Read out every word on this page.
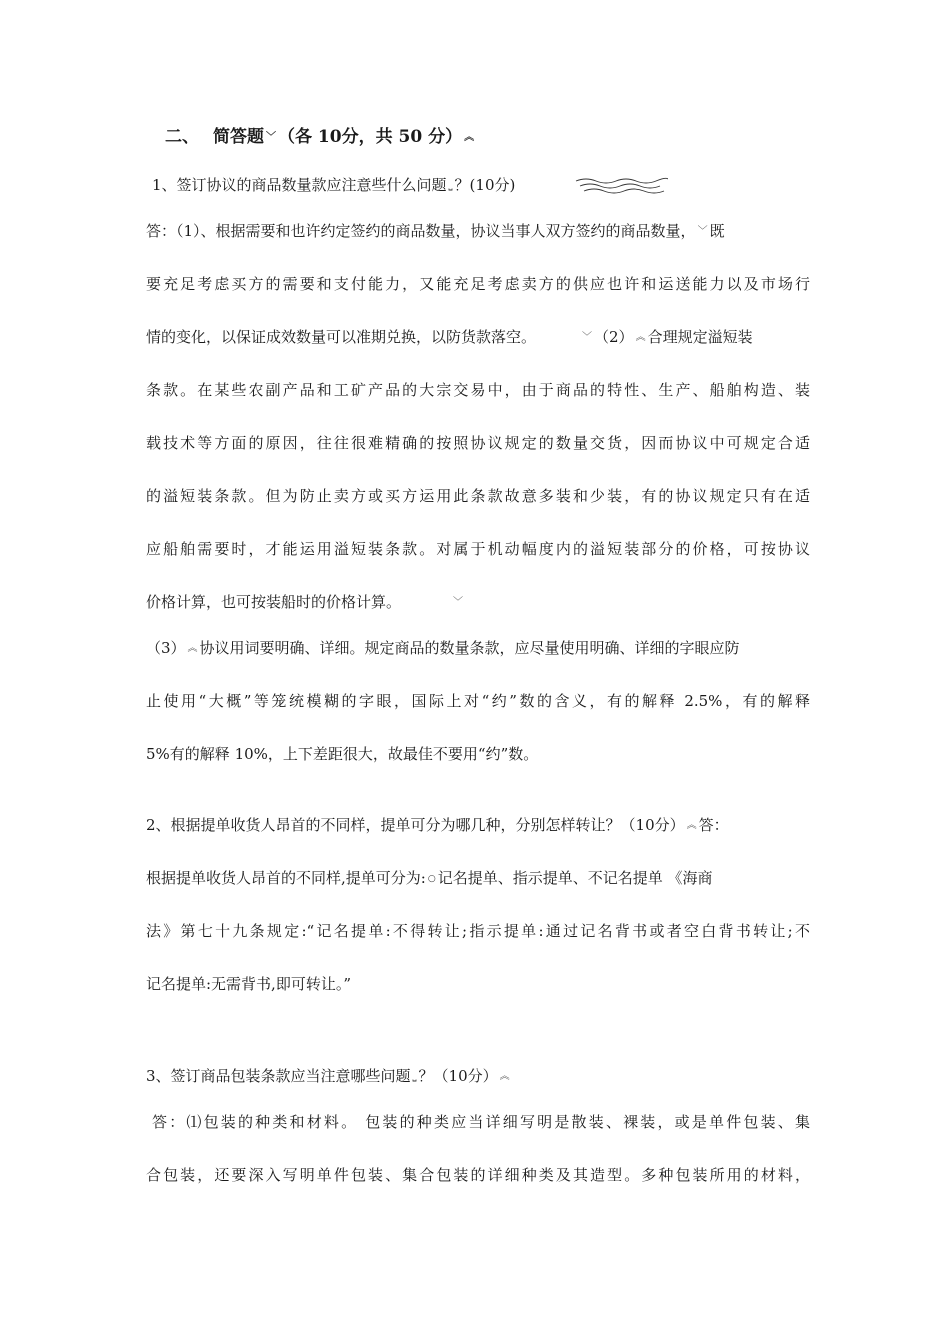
二、 简答题 ﹀ （各 10分，共 50 分） ︽
1、签订协议的商品数量款应注意些什么问题 ⎵ ？(10分)
答：（1）、根据需要和也许约定签约的商品数量，协议当事人双方签约的商品数量， ﹀ 既
要充足考虑买方的需要和支付能力，又能充足考虑卖方的供应也许和运送能力以及市场行
情的变化，以保证成效数量可以准期兑换，以防货款落空。	﹀ （2） ︽ 合理规定溢短装
条款。在某些农副产品和工矿产品的大宗交易中，由于商品的特性、生产、船舶构造、装
载技术等方面的原因，往往很难精确的按照协议规定的数量交货，因而协议中可规定合适
的溢短装条款。但为防止卖方或买方运用此条款故意多装和少装，有的协议规定只有在适
应船舶需要时，才能运用溢短装条款。对属于机动幅度内的溢短装部分的价格，可按协议
价格计算，也可按装船时的价格计算。	﹀
（3） ︽ 协议用词要明确、详细。规定商品的数量条款，应尽量使用明确、详细的字眼应防
止使用“大概”等笼统模糊的字眼，国际上对“约”数的含义，有的解释 2.5%，有的解释
5%有的解释 10%，上下差距很大，故最佳不要用“约”数。
2、根据提单收货人昂首的不同样，提单可分为哪几种，分别怎样转让？（10分） ︽ 答：
根据提单收货人昂首的不同样,提单可分为: ○ 记名提单、指示提单、不记名提单 《海商
法》第七十九条规定:“记名提单:不得转让;指示提单:通过记名背书或者空白背书转让;不
记名提单:无需背书,即可转让。”
3、签订商品包装条款应当注意哪些问题 ⎵ ？（10分） ︽
答：⑴包装的种类和材料。 包装的种类应当详细写明是散装、裸装，或是单件包装、集
合包装，还要深入写明单件包装、集合包装的详细种类及其造型。多种包装所用的材料，
